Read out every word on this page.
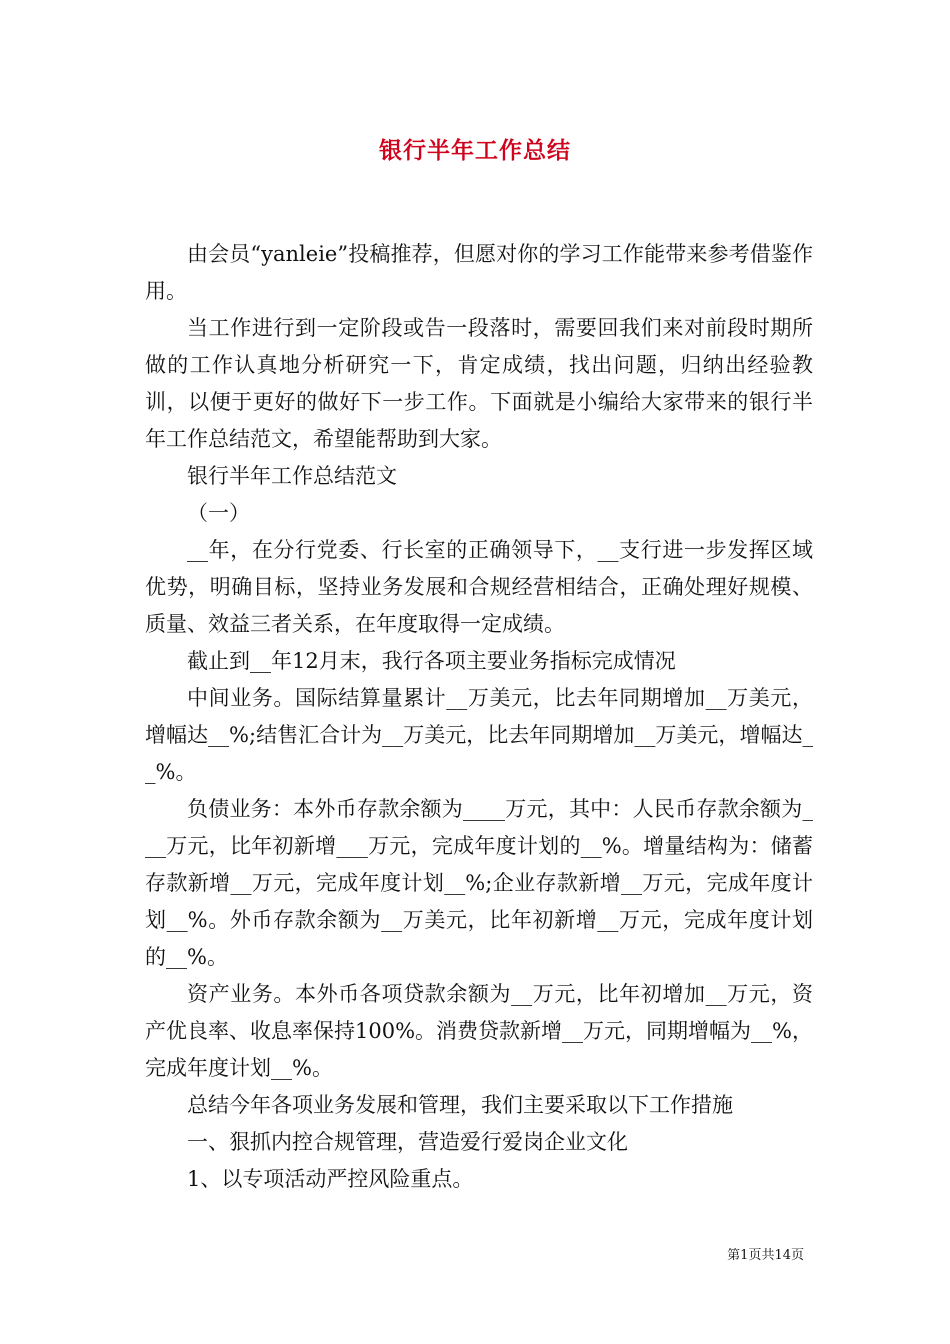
银行半年工作总结

由会员“yanleie”投稿推荐，但愿对你的学习工作能带来参考借鉴作用。

当工作进行到一定阶段或告一段落时，需要回我们来对前段时期所做的工作认真地分析研究一下，肯定成绩，找出问题，归纳出经验教训，以便于更好的做好下一步工作。下面就是小编给大家带来的银行半年工作总结范文，希望能帮助到大家。

银行半年工作总结范文

（一）

__年，在分行党委、行长室的正确领导下，__支行进一步发挥区域优势，明确目标，坚持业务发展和合规经营相结合，正确处理好规模、质量、效益三者关系，在年度取得一定成绩。

截止到__年12月末，我行各项主要业务指标完成情况

中间业务。国际结算量累计__万美元，比去年同期增加__万美元，增幅达__%;结售汇合计为__万美元，比去年同期增加__万美元，增幅达__%。

负债业务：本外币存款余额为____万元，其中：人民币存款余额为___万元，比年初新增___万元，完成年度计划的__%。增量结构为：储蓄存款新增__万元，完成年度计划__%;企业存款新增__万元，完成年度计划__%。外币存款余额为__万美元，比年初新增__万元，完成年度计划的__%。

资产业务。本外币各项贷款余额为__万元，比年初增加__万元，资产优良率、收息率保持100%。消费贷款新增__万元，同期增幅为__%，完成年度计划__%。

总结今年各项业务发展和管理，我们主要采取以下工作措施

一、狠抓内控合规管理，营造爱行爱岗企业文化

1、以专项活动严控风险重点。

第1页共14页
